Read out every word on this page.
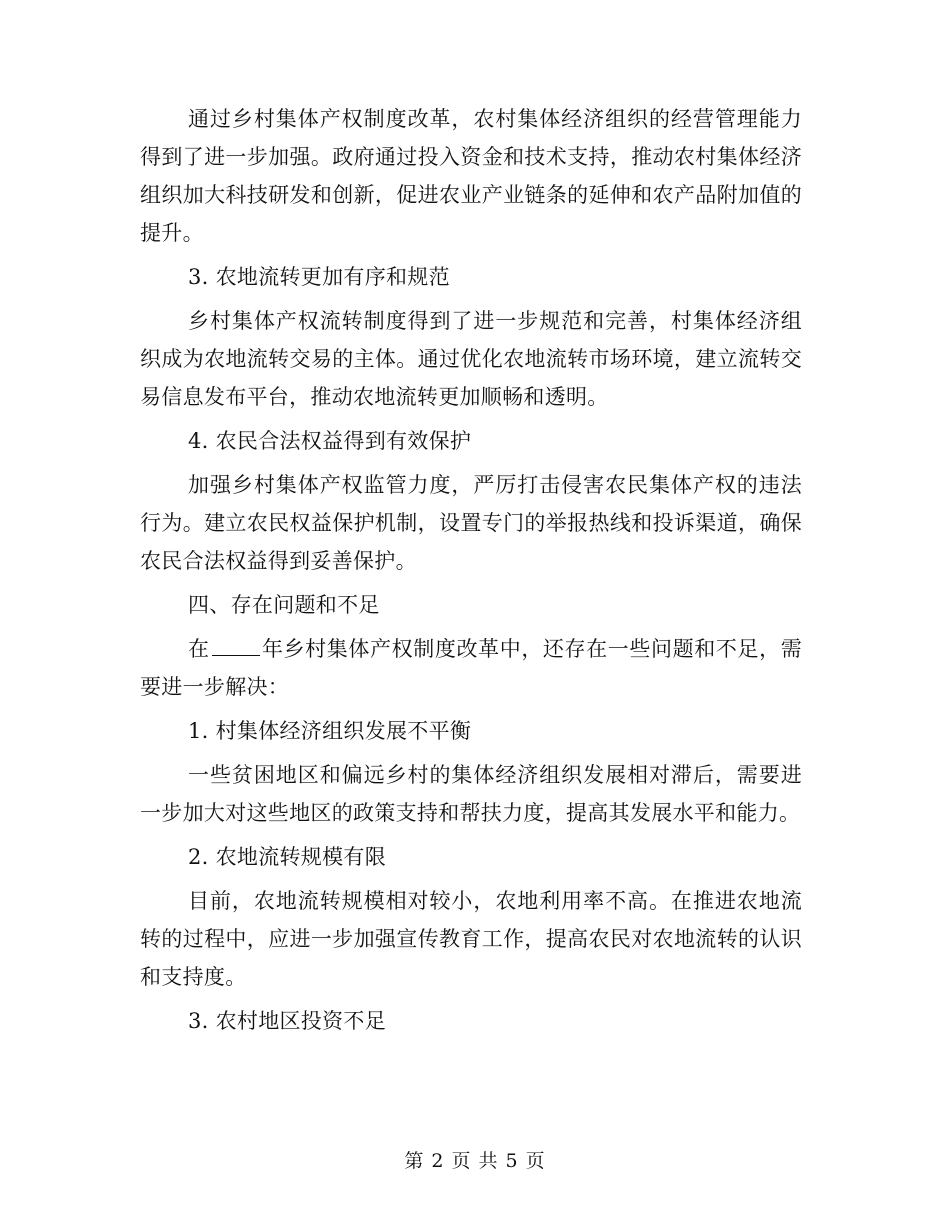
通过乡村集体产权制度改革，农村集体经济组织的经营管理能力得到了进一步加强。政府通过投入资金和技术支持，推动农村集体经济组织加大科技研发和创新，促进农业产业链条的延伸和农产品附加值的提升。

3. 农地流转更加有序和规范

乡村集体产权流转制度得到了进一步规范和完善，村集体经济组织成为农地流转交易的主体。通过优化农地流转市场环境，建立流转交易信息发布平台，推动农地流转更加顺畅和透明。

4. 农民合法权益得到有效保护

加强乡村集体产权监管力度，严厉打击侵害农民集体产权的违法行为。建立农民权益保护机制，设置专门的举报热线和投诉渠道，确保农民合法权益得到妥善保护。

四、存在问题和不足

在 年乡村集体产权制度改革中，还存在一些问题和不足，需要进一步解决：

1. 村集体经济组织发展不平衡

一些贫困地区和偏远乡村的集体经济组织发展相对滞后，需要进一步加大对这些地区的政策支持和帮扶力度，提高其发展水平和能力。

2. 农地流转规模有限

目前，农地流转规模相对较小，农地利用率不高。在推进农地流转的过程中，应进一步加强宣传教育工作，提高农民对农地流转的认识和支持度。

3. 农村地区投资不足

第 2 页 共 5 页
